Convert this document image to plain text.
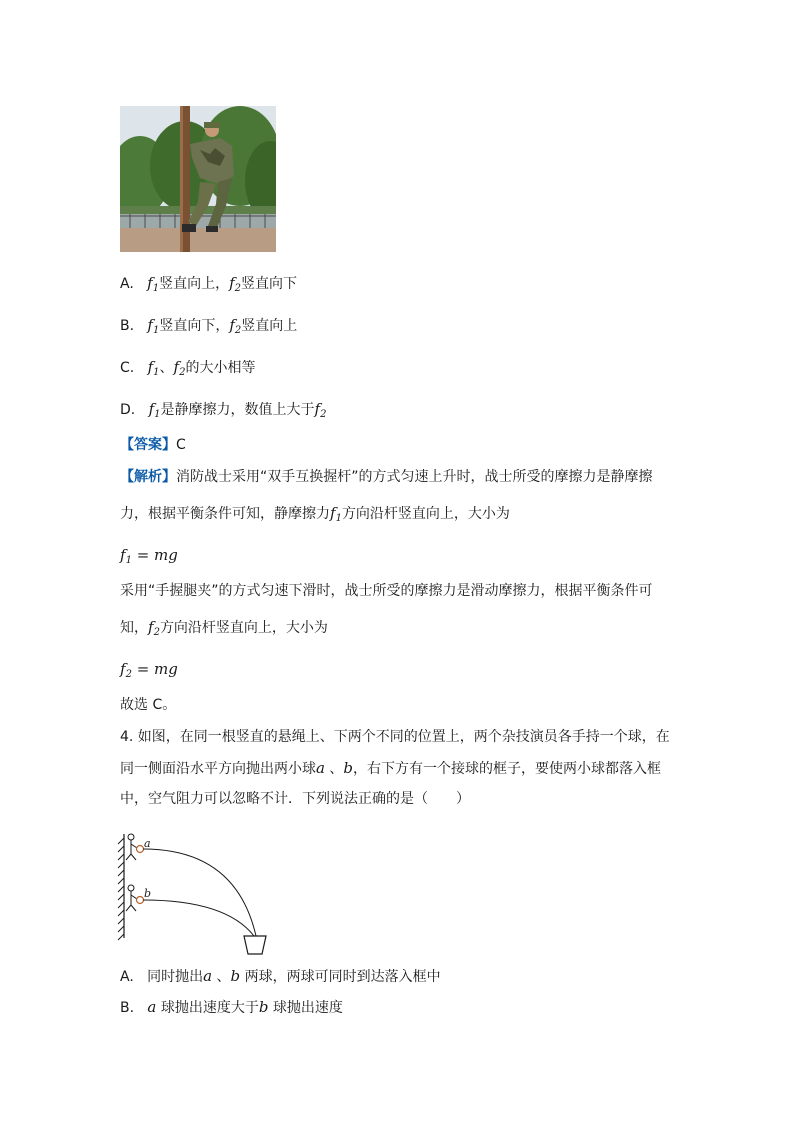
A. $f_1$竖直向上，$f_2$竖直向下
B. $f_1$竖直向下，$f_2$竖直向上
C. $f_1$、$f_2$的大小相等
D. $f_1$是静摩擦力，数值上大于$f_2$
【答案】C
【解析】消防战士采用“双手互换握杆”的方式匀速上升时，战士所受的摩擦力是静摩擦
力，根据平衡条件可知，静摩擦力$f_1$方向沿杆竖直向上，大小为
$f_1$ = mg
采用“手握腿夹”的方式匀速下滑时，战士所受的摩擦力是滑动摩擦力，根据平衡条件可
知，$f_2$方向沿杆竖直向上，大小为
$f_2$ = mg
故选 C。
4. 如图，在同一根竖直的悬绳上、下两个不同的位置上，两个杂技演员各手持一个球，在
同一侧面沿水平方向抛出两小球a 、b，右下方有一个接球的框子，要使两小球都落入框
中，空气阻力可以忽略不计．下列说法正确的是（　　）
a
b
A. 同时抛出a 、b 两球，两球可同时到达落入框中
B. a 球抛出速度大于b 球抛出速度
